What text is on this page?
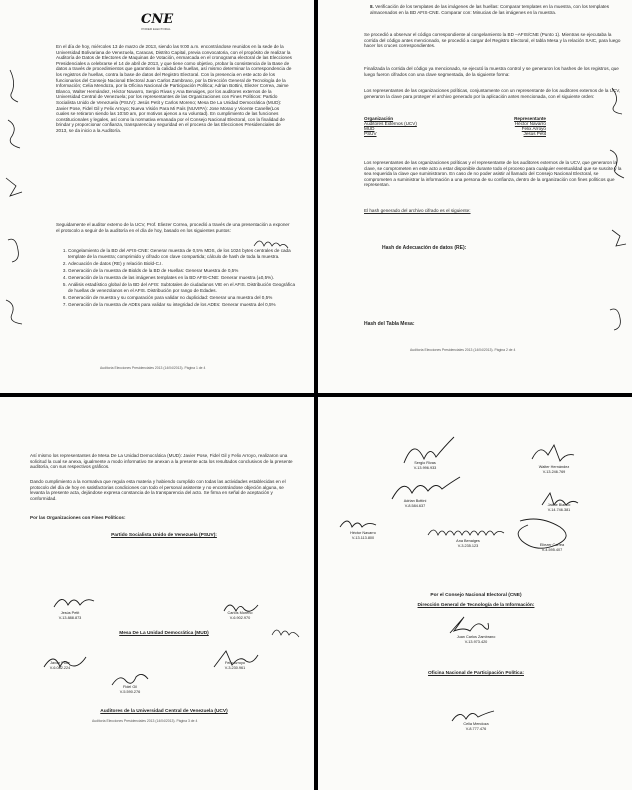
CNE
PODER ELECTORAL
En el día de hoy, miércoles 13 de marzo de 2013, siendo las 9:00 a.m. encontrándose reunidos en la sede de la Universidad Bolivariana de Venezuela, Caracas, Distrito Capital, previa convocatoria, con el propósito de realizar la Auditoría de Datos de Electores de Maquinas de Votación, enmarcada en el cronograma electoral de las Elecciones Presidenciales a celebrarse el 14 de abril de 2013, y que tiene como objetivo, probar la consistencia de la Base de datos a través de procedimientos que garanticen la calidad de huellas, así mismo determinar la correspondencia de los registros de huellas, contra la base de datos del Registro Electoral. Con la presencia en este acto de los funcionarios del Consejo Nacional Electoral Juan Carlos Zambrano, por la Dirección General de Tecnología de la Información; Celia Mendoza, por la Oficina Nacional de Participación Política; Adrian Bottini, Eliezer Correa, Jaime Blanco, Walter Hernández, Héctor Navarro, Sergio Rivas y Ana Benaiges, por los auditores externos de la Universidad Central de Venezuela; por los representantes de las Organizaciones con Fines Políticos: Partido Socialista Unido de Venezuela (PSUV): Jesús Petit y Carlos Moreno; Mesa De La Unidad Democrática (MUD): Javier Pose, Fidel Gil y Felix Arroyo; Nueva Visión Para Mi País (NUVIPA): Jose Morao y Vicente Canelle(Los cuales se retiraron siendo las 10:50 am, por motivos ajenos a su voluntad). En cumplimiento de las funciones constitucionales y legales, así como la normativa emanada por el Consejo Nacional Electoral, con la finalidad de brindar y proporcionar confianza, transparencia y seguridad en el proceso de las Elecciones Presidenciales de 2013, se da inicio a la Auditoría.
Seguidamente el auditor externo de la UCV, Prof. Eliezer Correa, procedió a través de una presentación a exponer el protocolo a seguir de la auditoría en el día de hoy, basado en los siguientes puntos:
1. Congelamiento de la BD del AFIS-CNE: Generar muestra de 0,5% MDS, de los 1024 bytes centrales de cada template de la muestra; comprimido y cifrado con clave compartida; cálculo de hash de toda la muestra.
2. Adecuación de datos (RE) y relación Biold-C.I.
3. Generación de la muestra de Biolds de la BD de Huellas: Generar Muestra de 0,5%
4. Generación de la muestra de las imágenes templates en la BD AFIS-CNE: Generar muestra (±0,5%).
5. Análisis estadístico global de la BD del AFIS: Subtotales de ciudadanos VIE en el AFIS. Distribución Geográfica de huellas de venezolanos en el AFIS. Distribución por rango de Edades.
6. Generación de muestra y su comparación para validar no duplicidad: Generar una muestra del 0,5%
7. Generación de la muestra de ADEs para validar su integridad de los ADEs: Generar muestra del 0,5%
Auditoría Elecciones Presidenciales 2013 (14/04/2013). Página 1 de 4
8. Verificación de los templates de las imágenes de las huellas: Comparar templates en la muestra, con los templates almacenados en la BD AFIS-CNE. Comparar con: Minucias de las imágenes en la muestra.
Se procedió a observar el código correspondiente al congelamiento la BD –AFIS/CNE (Punto 1). Mientras se ejecutaba la corrida del código antes mencionado, se procedió a cargar del Registro Electoral, el tabla Mesa y la relación SAIC, para luego hacer los cruces correspondientes.
Finalizada la corrida del código ya mencionado, se ejecutó la muestra control y se generaron los hashes de los registros, que luego fueron cifrados con una clave segmentada, de la siguiente forma:
Los representantes de las organizaciones políticas, conjuntamente con un representante de los auditores externos de la UCV, generaron la clave para proteger el archivo generado por la aplicación antes mencionada, con el siguiente orden:
Organización	Representante
Auditores Externos (UCV)	Héctor Navarro
MUD	Felix Arroyo
PSUV	Jesús Petit
Los representantes de las organizaciones políticas y el representante de los auditores externos de la UCV, que generaron la clave, se comprometen en este acto a estar disponible durante todo el proceso para cualquier eventualidad que se suscite y la sea requerida la clave que suministraron. En caso de no poder asistir al llamado del Consejo Nacional Electoral, se comprometen a suministrar la información a una persona de su confianza, dentro de la organización con fines políticos que representan.
El hash generado del archivo cifrado es el siguiente:
Hash de Adecuación de datos (RE):
Hash del Tabla Mesa:
Auditoría Elecciones Presidenciales 2013 (14/04/2013). Página 2 de 4
Así mismo los representantes de Mesa De La Unidad Democrática (MUD): Javier Pose, Fidel Gil y Felix Arroyo, realizaron una solicitud la cual se anexa, igualmente a modo informativo Se anexan a la presente acta los resultados conclusivos de la presente auditoría, con sus respectivos gráficos.
Dando cumplimiento a la normativa que regula esta materia y habiendo cumplido con todas las actividades establecidas en el protocolo del día de hoy en satisfactorias condiciones con todo el personal asistente y no encontrándose objeción alguna, se levanta la presente acta, dejándose expresa constancia de la transparencia del acto. Se firma en señal de aceptación y conformidad.
Por las Organizaciones con Fines Políticos:
Partido Socialista Unido de Venezuela (PSUV):
Jesús Petit
V-13.888.873
Carlos Moreno
V-6.902.970
Mesa De La Unidad Democrática (MUD)
Javier Pose
V-6.082.224
Felix Arroyo
V-3.230.961
Fidel Gil
V-5.590.276
Auditores de la Universidad Central de Venezuela (UCV)
Auditoría Elecciones Presidenciales 2013 (14/04/2013). Página 3 de 4
Sergio Rivas
V-13.996.933	Walter Hernández
V-13.246.769
Adrian Bottini
V-8.584.637	Jaime Blanco
V-14.746.381
Héctor Navarro
V-13.113.800
Ana Benaiges
V-3.235.123	Eliezer Correa
V-4.595.407
Por el Consejo Nacional Electoral (CNE)
Dirección General de Tecnología de la Información:
Juan Carlos Zambrano
V-13.973.420
Oficina Nacional de Participación Política:
Celia Mendoza
V-8.777.476
